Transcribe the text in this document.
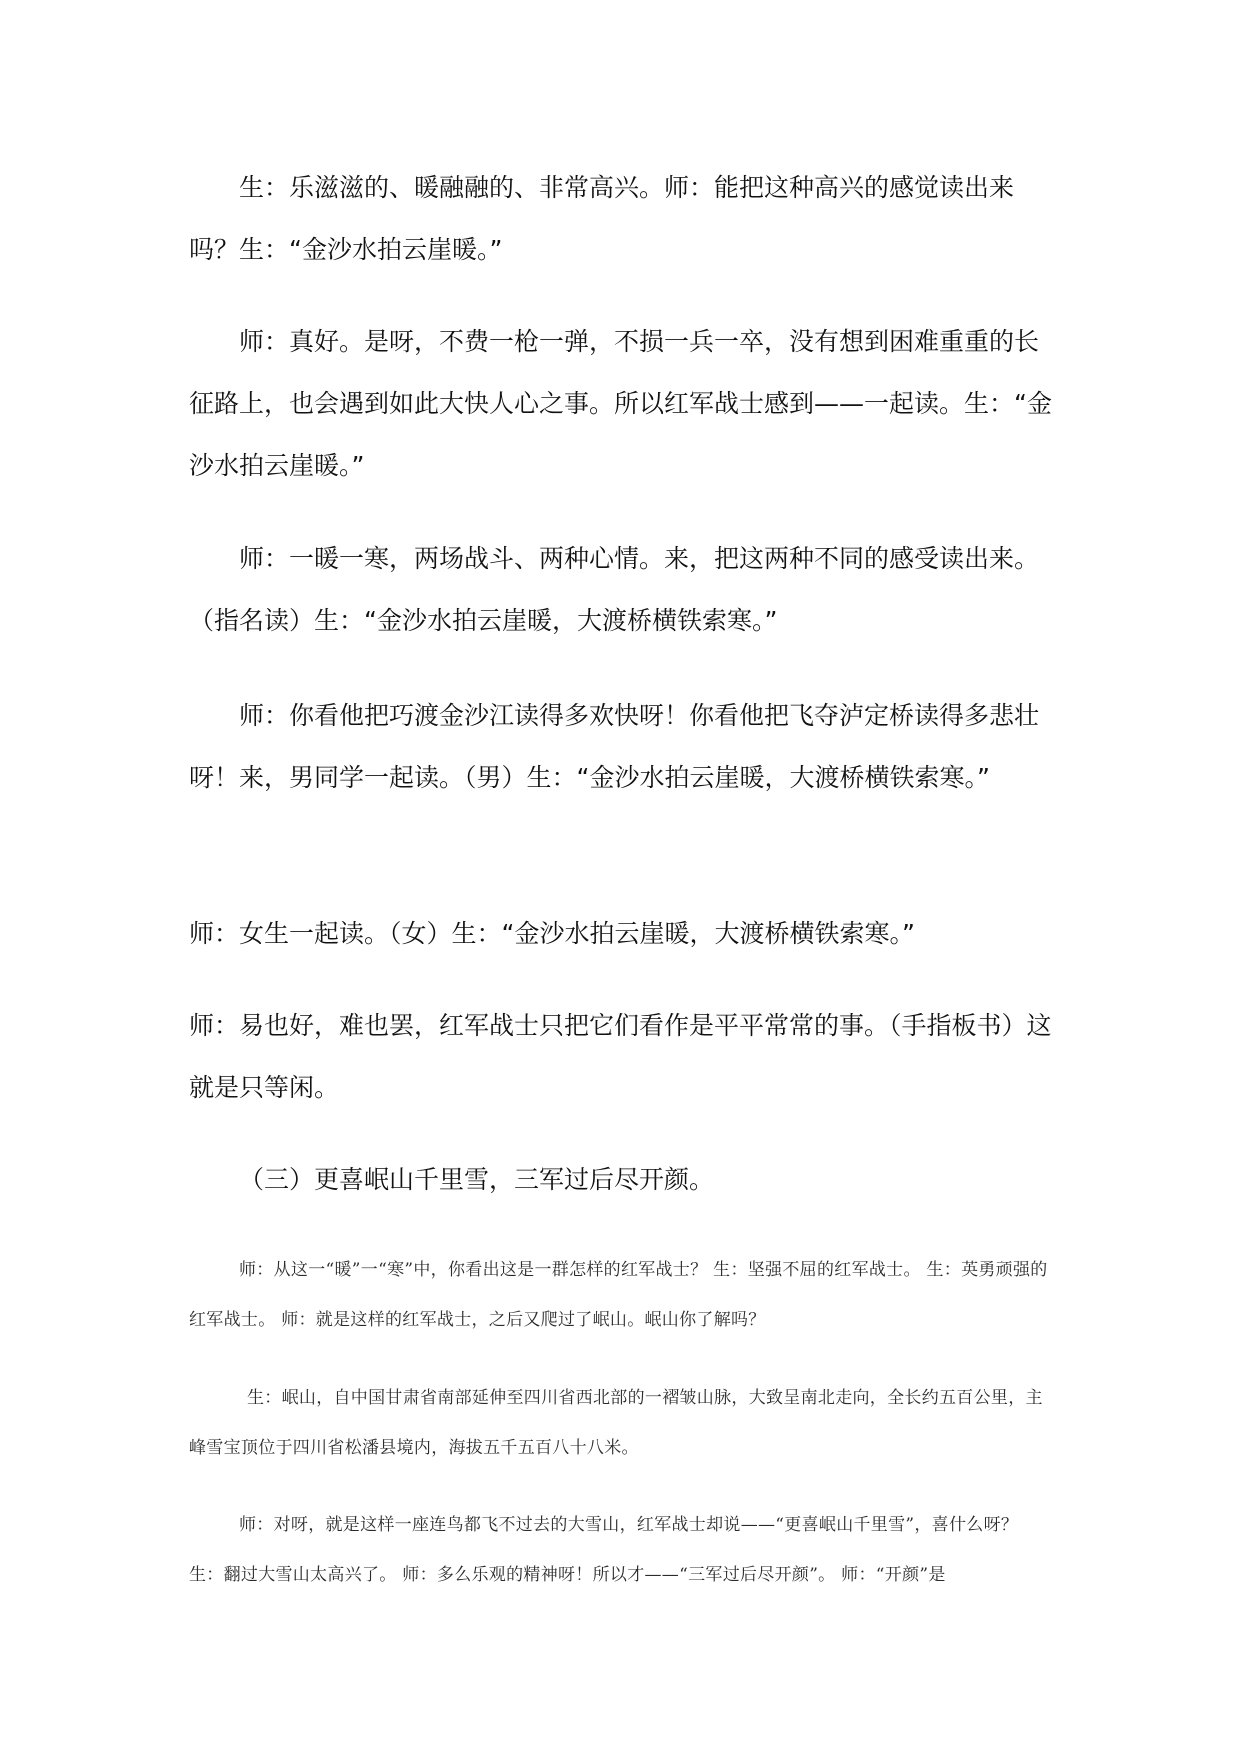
生：乐滋滋的、暖融融的、非常高兴。师：能把这种高兴的感觉读出来吗？生：“金沙水拍云崖暖。”

师：真好。是呀，不费一枪一弹，不损一兵一卒，没有想到困难重重的长征路上，也会遇到如此大快人心之事。所以红军战士感到——一起读。生：“金沙水拍云崖暖。”

师：一暖一寒，两场战斗、两种心情。来，把这两种不同的感受读出来。（指名读）生：“金沙水拍云崖暖，大渡桥横铁索寒。”

师：你看他把巧渡金沙江读得多欢快呀！你看他把飞夺泸定桥读得多悲壮呀！来，男同学一起读。（男）生：“金沙水拍云崖暖，大渡桥横铁索寒。”

师：女生一起读。（女）生：“金沙水拍云崖暖，大渡桥横铁索寒。”

师：易也好，难也罢，红军战士只把它们看作是平平常常的事。（手指板书）这就是只等闲。

（三）更喜岷山千里雪，三军过后尽开颜。

师：从这一“暖”一“寒”中，你看出这是一群怎样的红军战士？ 生：坚强不屈的红军战士。 生：英勇顽强的红军战士。 师：就是这样的红军战士，之后又爬过了岷山。岷山你了解吗？

生：岷山，自中国甘肃省南部延伸至四川省西北部的一褶皱山脉，大致呈南北走向，全长约五百公里，主峰雪宝顶位于四川省松潘县境内，海拔五千五百八十八米。

师：对呀，就是这样一座连鸟都飞不过去的大雪山，红军战士却说——“更喜岷山千里雪”，喜什么呀？ 生：翻过大雪山太高兴了。 师：多么乐观的精神呀！所以才——“三军过后尽开颜”。 师：“开颜”是
